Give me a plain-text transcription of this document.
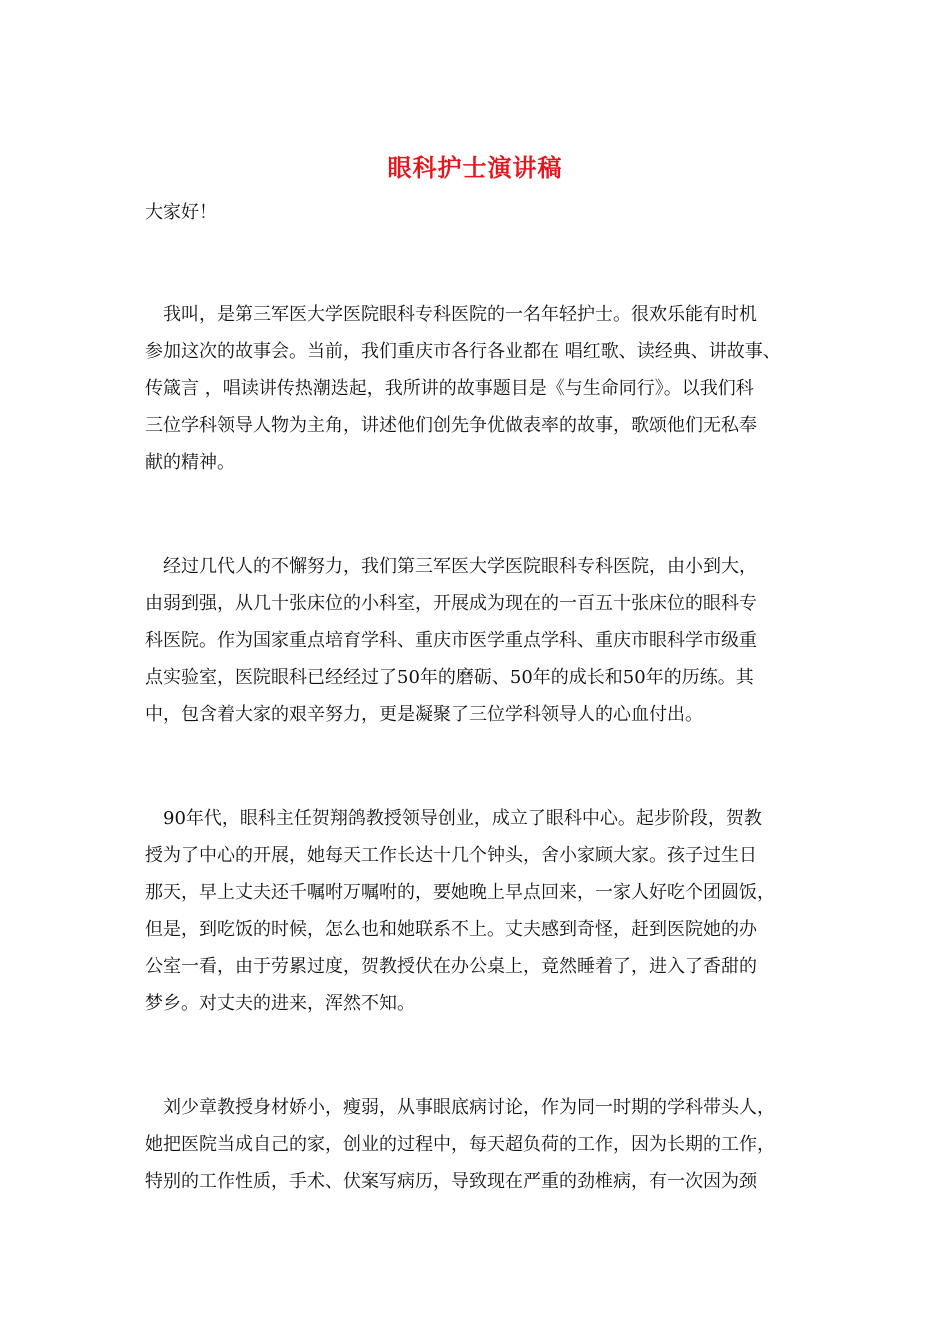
眼科护士演讲稿
大家好！
　我叫，是第三军医大学医院眼科专科医院的一名年轻护士。很欢乐能有时机
参加这次的故事会。当前，我们重庆市各行各业都在 唱红歌、读经典、讲故事、
传箴言 ，唱读讲传热潮迭起，我所讲的故事题目是《与生命同行》。以我们科
三位学科领导人物为主角，讲述他们创先争优做表率的故事，歌颂他们无私奉
献的精神。
　经过几代人的不懈努力，我们第三军医大学医院眼科专科医院，由小到大，
由弱到强，从几十张床位的小科室，开展成为现在的一百五十张床位的眼科专
科医院。作为国家重点培育学科、重庆市医学重点学科、重庆市眼科学市级重
点实验室，医院眼科已经经过了50年的磨砺、50年的成长和50年的历练。其
中，包含着大家的艰辛努力，更是凝聚了三位学科领导人的心血付出。
　90年代，眼科主任贺翔鸽教授领导创业，成立了眼科中心。起步阶段，贺教
授为了中心的开展，她每天工作长达十几个钟头，舍小家顾大家。孩子过生日
那天，早上丈夫还千嘱咐万嘱咐的，要她晚上早点回来，一家人好吃个团圆饭，
但是，到吃饭的时候，怎么也和她联系不上。丈夫感到奇怪，赶到医院她的办
公室一看，由于劳累过度，贺教授伏在办公桌上，竟然睡着了，进入了香甜的
梦乡。对丈夫的进来，浑然不知。
　刘少章教授身材娇小，瘦弱，从事眼底病讨论，作为同一时期的学科带头人，
她把医院当成自己的家，创业的过程中，每天超负荷的工作，因为长期的工作，
特别的工作性质，手术、伏案写病历，导致现在严重的劲椎病，有一次因为颈
